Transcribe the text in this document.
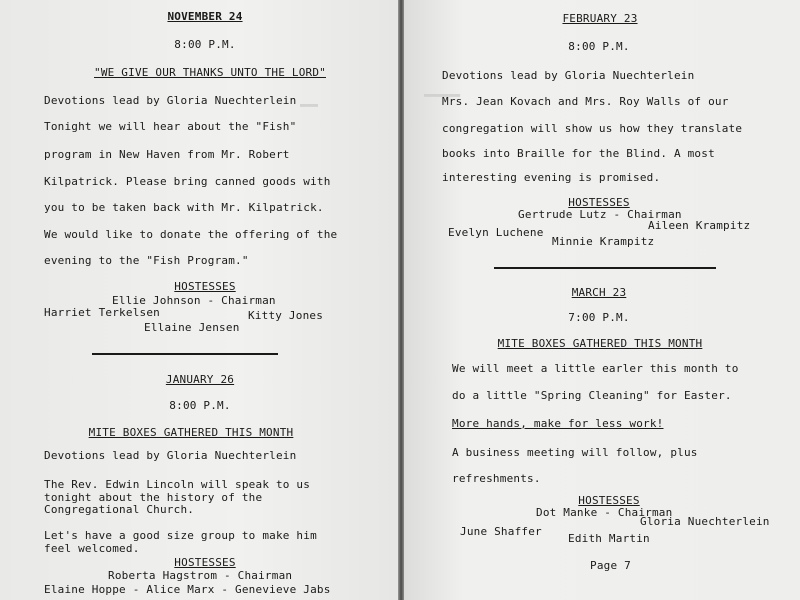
▬▬▬
NOVEMBER 24
8:00 P.M.
"WE GIVE OUR THANKS UNTO THE LORD"
Devotions lead by Gloria Nuechterlein
Tonight we will hear about the "Fish"
program in New Haven from Mr. Robert
Kilpatrick. Please bring canned goods with
you to be taken back with Mr. Kilpatrick.
We would like to donate the offering of the
evening to the "Fish Program."
HOSTESSES
Ellie Johnson - Chairman
Harriet Terkelsen	Kitty Jones
Ellaine Jensen
JANUARY 26
8:00 P.M.
MITE BOXES GATHERED THIS MONTH
Devotions lead by Gloria Nuechterlein
The Rev. Edwin Lincoln will speak to us
tonight about the history of the
Congregational Church.
Let's have a good size group to make him
feel welcomed.
HOSTESSES
Roberta Hagstrom - Chairman
Elaine Hoppe - Alice Marx - Genevieve Jabs
▬▬▬▬▬▬
FEBRUARY 23
8:00 P.M.
Devotions lead by Gloria Nuechterlein
Mrs. Jean Kovach and Mrs. Roy Walls of our
congregation will show us how they translate
books into Braille for the Blind. A most
interesting evening is promised.
HOSTESSES
Gertrude Lutz - Chairman
Evelyn Luchene
Aileen Krampitz
Minnie Krampitz
MARCH 23
7:00 P.M.
MITE BOXES GATHERED THIS MONTH
We will meet a little earler this month to
do a little "Spring Cleaning" for Easter.
More hands, make for less work!
A business meeting will follow, plus
refreshments.
HOSTESSES
Dot Manke - Chairman
June Shaffer
Gloria Nuechterlein
Edith Martin
Page 7
